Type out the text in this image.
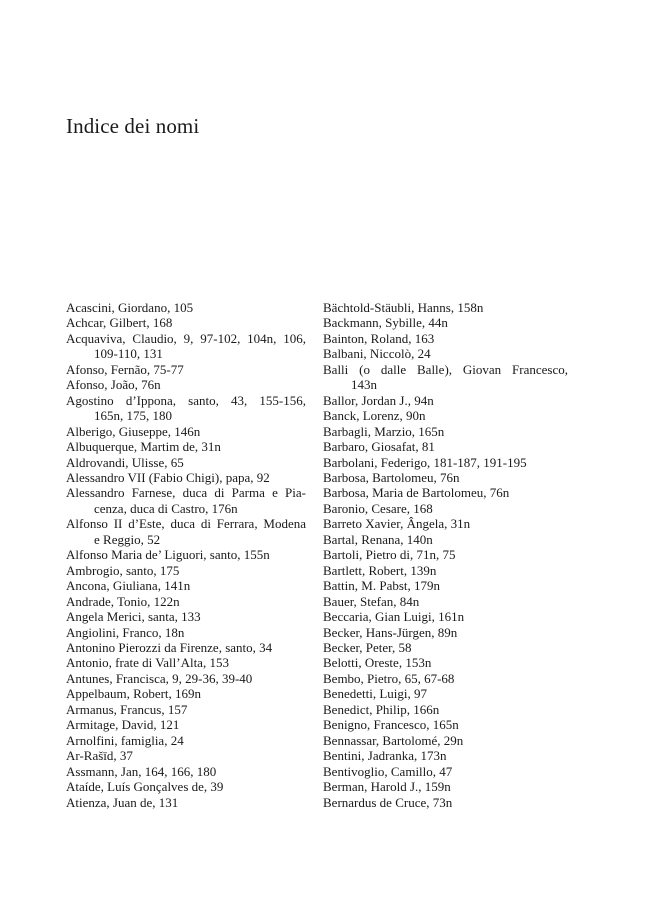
Indice dei nomi
Acascini, Giordano, 105
Achcar, Gilbert, 168
Acquaviva, Claudio, 9, 97-102, 104n, 106,
109-110, 131
Afonso, Fernão, 75-77
Afonso, João, 76n
Agostino d’Ippona, santo, 43, 155-156,
165n, 175, 180
Alberigo, Giuseppe, 146n
Albuquerque, Martim de, 31n
Aldrovandi, Ulisse, 65
Alessandro VII (Fabio Chigi), papa, 92
Alessandro Farnese, duca di Parma e Pia-
cenza, duca di Castro, 176n
Alfonso II d’Este, duca di Ferrara, Modena
e Reggio, 52
Alfonso Maria de’ Liguori, santo, 155n
Ambrogio, santo, 175
Ancona, Giuliana, 141n
Andrade, Tonio, 122n
Angela Merici, santa, 133
Angiolini, Franco, 18n
Antonino Pierozzi da Firenze, santo, 34
Antonio, frate di Vall’Alta, 153
Antunes, Francisca, 9, 29-36, 39-40
Appelbaum, Robert, 169n
Armanus, Francus, 157
Armitage, David, 121
Arnolfini, famiglia, 24
Ar-Rašīd, 37
Assmann, Jan, 164, 166, 180
Ataíde, Luís Gonçalves de, 39
Atienza, Juan de, 131
Bächtold-Stäubli, Hanns, 158n
Backmann, Sybille, 44n
Bainton, Roland, 163
Balbani, Niccolò, 24
Balli (o dalle Balle), Giovan Francesco,
143n
Ballor, Jordan J., 94n
Banck, Lorenz, 90n
Barbagli, Marzio, 165n
Barbaro, Giosafat, 81
Barbolani, Federigo, 181-187, 191-195
Barbosa, Bartolomeu, 76n
Barbosa, Maria de Bartolomeu, 76n
Baronio, Cesare, 168
Barreto Xavier, Ângela, 31n
Bartal, Renana, 140n
Bartoli, Pietro di, 71n, 75
Bartlett, Robert, 139n
Battin, M. Pabst, 179n
Bauer, Stefan, 84n
Beccaria, Gian Luigi, 161n
Becker, Hans-Jürgen, 89n
Becker, Peter, 58
Belotti, Oreste, 153n
Bembo, Pietro, 65, 67-68
Benedetti, Luigi, 97
Benedict, Philip, 166n
Benigno, Francesco, 165n
Bennassar, Bartolomé, 29n
Bentini, Jadranka, 173n
Bentivoglio, Camillo, 47
Berman, Harold J., 159n
Bernardus de Cruce, 73n
